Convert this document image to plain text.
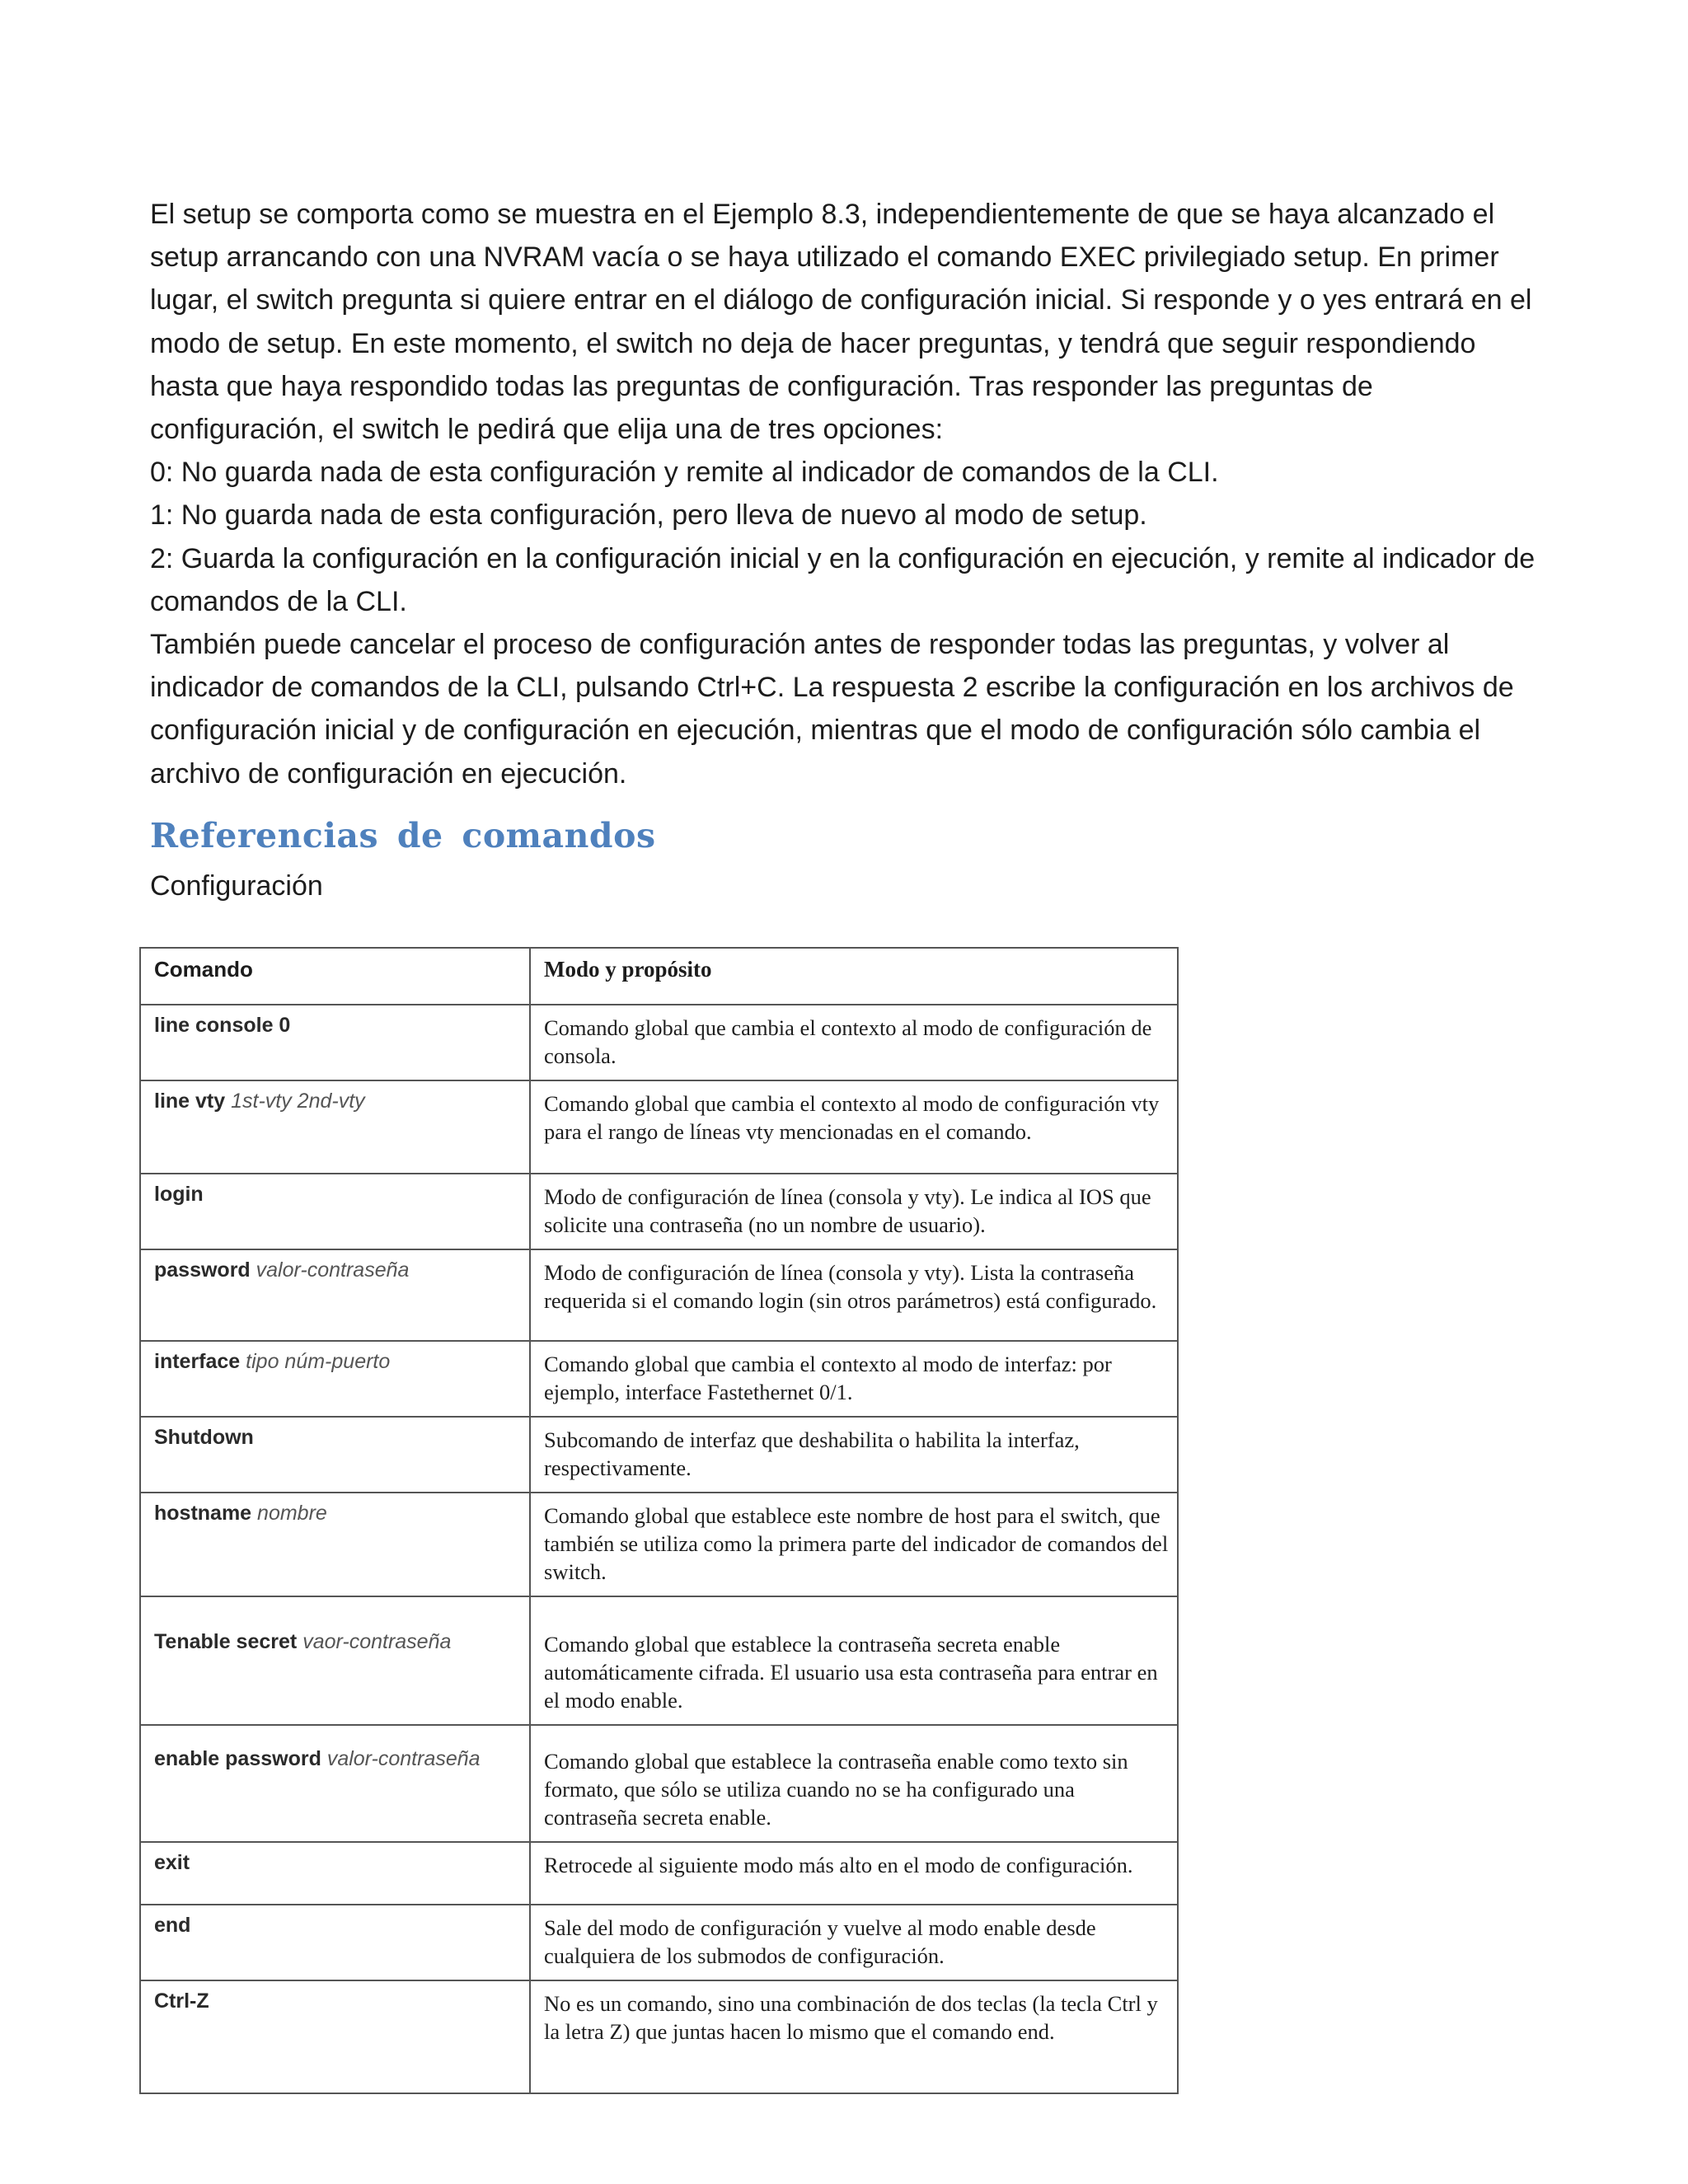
El setup se comporta como se muestra en el Ejemplo 8.3, independientemente de que se haya alcanzado el setup arrancando con una NVRAM vacía o se haya utilizado el comando EXEC privilegiado setup. En primer lugar, el switch pregunta si quiere entrar en el diálogo de configuración inicial. Si responde y o yes entrará en el modo de setup. En este momento, el switch no deja de hacer preguntas, y tendrá que seguir respondiendo hasta que haya respondido todas las preguntas de configuración. Tras responder las preguntas de configuración, el switch le pedirá que elija una de tres opciones:

0: No guarda nada de esta configuración y remite al indicador de comandos de la CLI.

1: No guarda nada de esta configuración, pero lleva de nuevo al modo de setup.

2: Guarda la configuración en la configuración inicial y en la configuración en ejecución, y remite al indicador de comandos de la CLI.

También puede cancelar el proceso de configuración antes de responder todas las preguntas, y volver al indicador de comandos de la CLI, pulsando Ctrl+C. La respuesta 2 escribe la configuración en los archivos de configuración inicial y de configuración en ejecución, mientras que el modo de configuración sólo cambia el archivo de configuración en ejecución.

Referencias de comandos
Configuración
Comando	Modo y propósito
line console 0	Comando global que cambia el contexto al modo de configuración de consola.
line vty 1st-vty 2nd-vty	Comando global que cambia el contexto al modo de configuración vty para el rango de líneas vty mencionadas en el comando.
login	Modo de configuración de línea (consola y vty). Le indica al IOS que solicite una contraseña (no un nombre de usuario).
password valor-contraseña	Modo de configuración de línea (consola y vty). Lista la contraseña requerida si el comando login (sin otros parámetros) está configurado.
interface tipo núm-puerto	Comando global que cambia el contexto al modo de interfaz: por ejemplo, interface Fastethernet 0/1.
Shutdown	Subcomando de interfaz que deshabilita o habilita la interfaz, respectivamente.
hostname nombre	Comando global que establece este nombre de host para el switch, que también se utiliza como la primera parte del indicador de comandos del switch.
Tenable secret vaor-contraseña	Comando global que establece la contraseña secreta enable automáticamente cifrada. El usuario usa esta contraseña para entrar en el modo enable.
enable password valor-contraseña	Comando global que establece la contraseña enable como texto sin formato, que sólo se utiliza cuando no se ha configurado una contraseña secreta enable.
exit	Retrocede al siguiente modo más alto en el modo de configuración.
end	Sale del modo de configuración y vuelve al modo enable desde cualquiera de los submodos de configuración.
Ctrl-Z	No es un comando, sino una combinación de dos teclas (la tecla Ctrl y la letra Z) que juntas hacen lo mismo que el comando end.
